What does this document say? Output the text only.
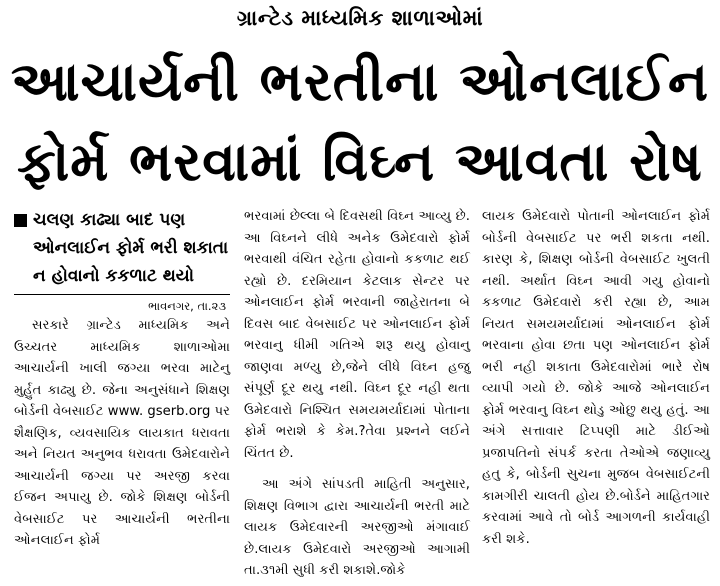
ગ્રાન્ટેડ માધ્યમિક શાળાઓમાં
આચાર્યની ભરતીના ઓનલાઈન
ફોર્મ ભરવામાં વિઘ્ન આવતા રોષ
ચલણ કાઢ્યા બાદ પણ ઓનલાઈન ફોર્મ ભરી શકાતા ન હોવાનો કકળાટ થયો
ભાવનગર, તા.૨૩

સરકારે ગ્રાન્ટેડ માધ્યમિક અને ઉચ્ચતર માધ્યમિક શાળાઓમા આચાર્યની ખાલી જગ્યા ભરવા માટેનુ મુર્હુત કાઢ્યુ છે. જેના અનુસંધાને શિક્ષણ બોર્ડની વેબસાઈટ www. gserb.org પર શૈક્ષણિક, વ્યવસાયિક લાયકાત ધરાવતા અને નિયત અનુભવ ધરાવતા ઉમેદવારોને આચાર્યની જગ્યા પર અરજી કરવા ઈજન અપાયુ છે. જોકે શિક્ષણ બોર્ડની વેબસાઈટ પર આચાર્યની ભરતીના ઓનલાઈન ફોર્મ

ભરવામાં છેલ્લા બે દિવસથી વિઘ્ન આવ્યુ છે. આ વિઘ્નને લીધે અનેક ઉમેદવારો ફોર્મ ભરવાથી વંચિત રહેતા હોવાનો કકળાટ થઈ રહ્યો છે. દરમિયાન કેટલાક સેન્ટર પર ઓનલાઈન ફોર્મ ભરવાની જાહેરાતના બે દિવસ બાદ વેબસાઈટ પર ઓનલાઈન ફોર્મ ભરવાનુ ધીમી ગતિએ શરૂ થયુ હોવાનુ જાણવા મળ્યુ છે,જેને લીધે વિઘ્ન હજુ સંપૂર્ણ દૂર થયુ નથી. વિઘ્ન દૂર નહી થતા ઉમેદવારો નિશ્ચિત સમયમર્યાદામાં પોતાના ફોર્મ ભરાશે કે કેમ.?તેવા પ્રશ્નને લઈને ચિંતત છે.

આ અંગે સાંપડતી માહિતી અનુસાર, શિક્ષણ વિભાગ દ્વારા આચાર્યની ભરતી માટે લાયક ઉમેદવારની અરજીઓ મંગાવાઈ છે.લાયક ઉમેદવારો અરજીઓ આગામી તા.૩૧મી સુધી કરી શકાશે.જોકે

લાયક ઉમેદવારો પોતાની ઓનલાઈન ફોર્મ બોર્ડની વેબસાઈટ પર ભરી શકતા નથી. કારણ કે, શિક્ષણ બોર્ડની વેબસાઈટ ખુલતી નથી. અર્થાત વિઘ્ન આવી ગયુ હોવાનો કકળાટ ઉમેદવારો કરી રહ્યા છે, આમ નિયત સમયમર્યાદામાં ઓનલાઈન ફોર્મ ભરવાના હોવા છતા પણ ઓનલાઈન ફોર્મ ભરી નહી શકાતા ઉમેદવારોમાં ભારે રોષ વ્યાપી ગયો છે. જોકે આજે ઓનલાઈન ફોર્મ ભરવાનુ વિઘ્ન થોડુ ઓછુ થયુ હતું. આ અંગે સત્તાવાર ટિપ્પણી માટે ડીઈઓ પ્રજાપતિનો સંપર્ક કરતા તેઓએ જણાવ્યુ હતુ કે, બોર્ડની સુચના મુજબ વેબસાઈટની કામગીરી ચાલતી હોય છે.બોર્ડને માહિતગાર કરવામાં આવે તો બોર્ડ આગળની કાર્યવાહી કરી શકે.
